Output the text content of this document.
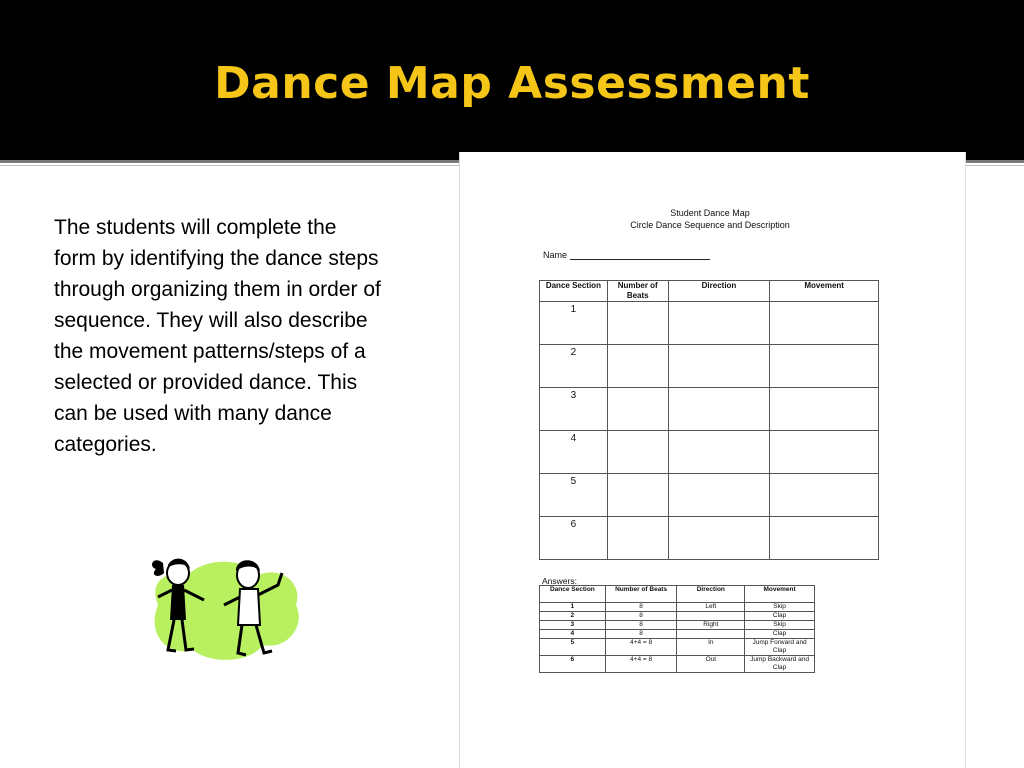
Dance Map Assessment
The students will complete the form by identifying the dance steps through organizing them in order of sequence. They will also describe the movement patterns/steps of a selected or provided dance. This can be used with many dance categories.
Student Dance Map
Circle Dance Sequence and Description
Name
Dance Section	Number of Beats	Direction	Movement
1			
2			
3			
4			
5			
6			
Answers:
Dance Section	Number of Beats	Direction	Movement
1	8	Left	Skip
2	8		Clap
3	8	Right	Skip
4	8		Clap
5	4+4 = 8	In	Jump Forward and Clap
6	4+4 = 8	Out	Jump Backward and Clap
